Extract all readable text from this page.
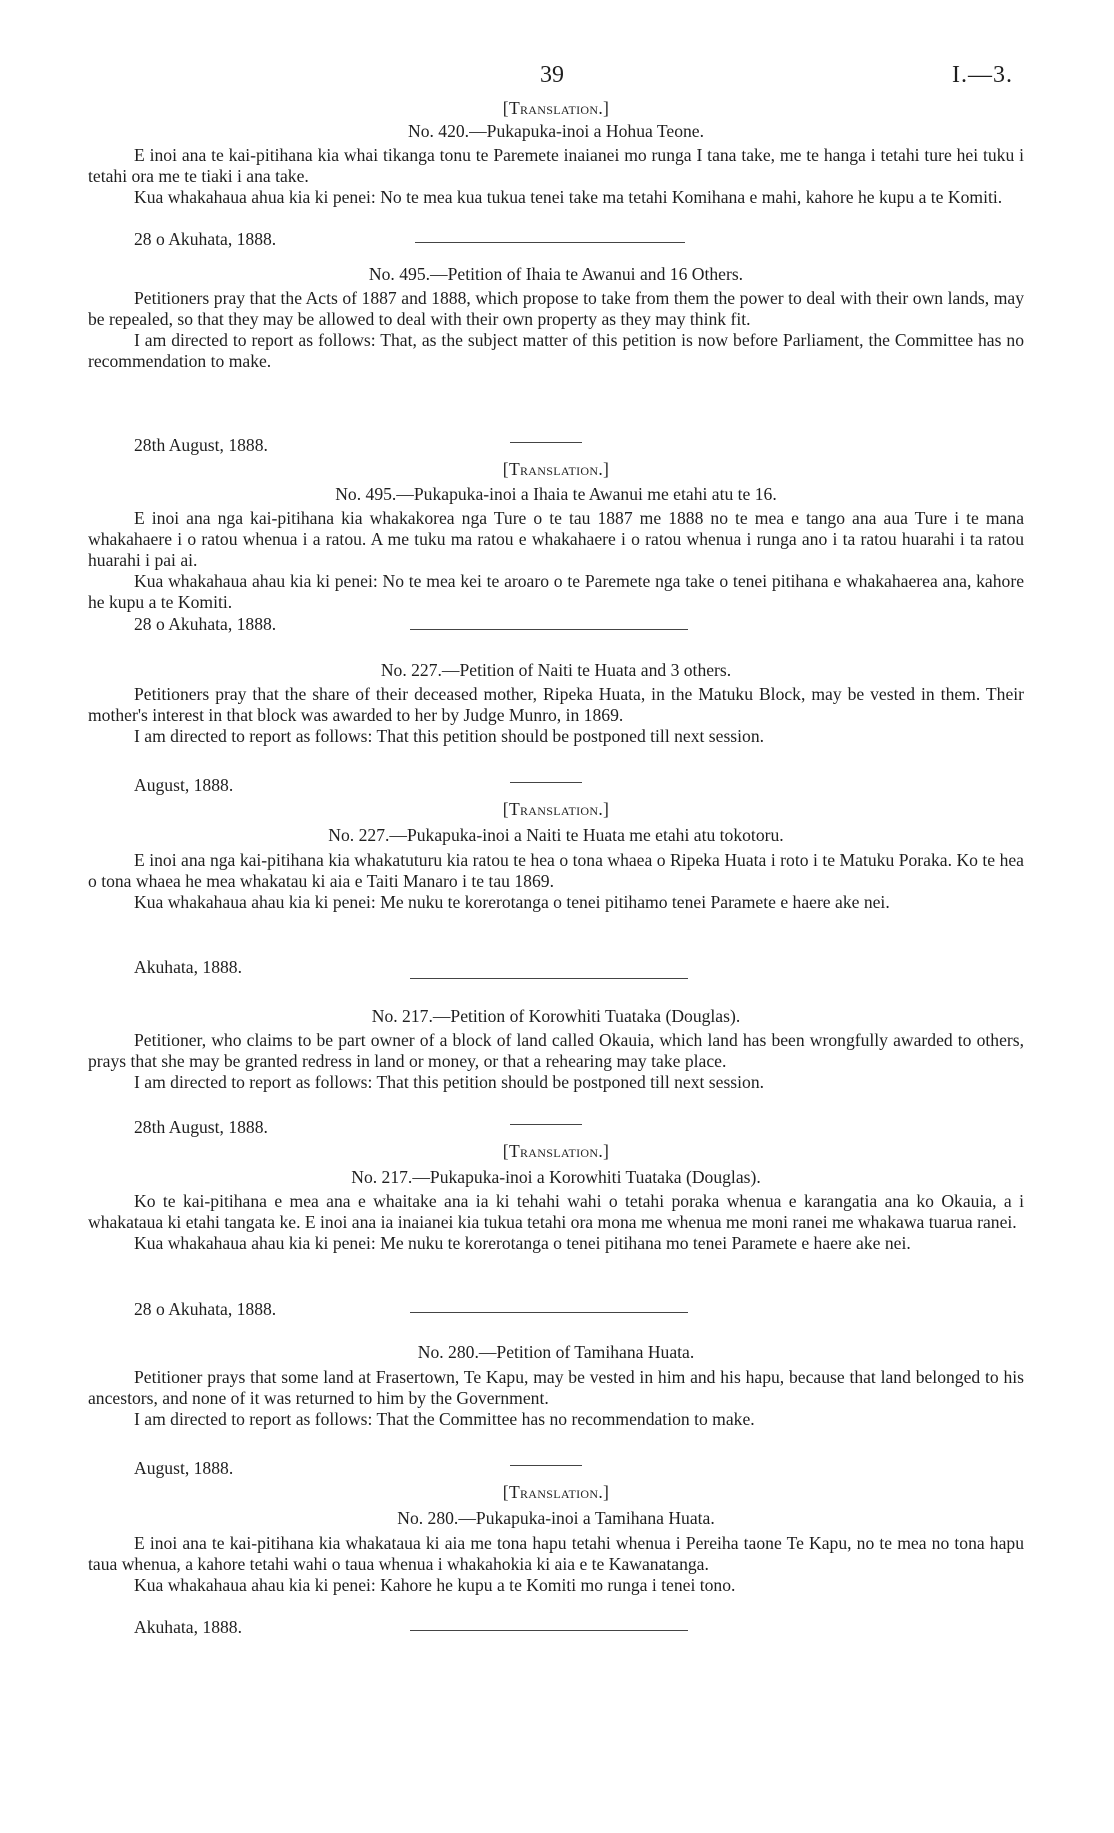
39	I.—3.
[Translation.]
No. 420.—Pukapuka-inoi a Hohua Teone.

E inoi ana te kai-pitihana kia whai tikanga tonu te Paremete inaianei mo runga I tana take, me te hanga i tetahi ture hei tuku i tetahi ora me te tiaki i ana take.

Kua whakahaua ahua kia ki penei: No te mea kua tukua tenei take ma tetahi Komihana e mahi, kahore he kupu a te Komiti.

28 o Akuhata, 1888.
No. 495.—Petition of Ihaia te Awanui and 16 Others.

Petitioners pray that the Acts of 1887 and 1888, which propose to take from them the power to deal with their own lands, may be repealed, so that they may be allowed to deal with their own property as they may think fit.

I am directed to report as follows: That, as the subject matter of this petition is now before Parliament, the Committee has no recommendation to make.

28th August, 1888.
[Translation.]
No. 495.—Pukapuka-inoi a Ihaia te Awanui me etahi atu te 16.

E inoi ana nga kai-pitihana kia whakakorea nga Ture o te tau 1887 me 1888 no te mea e tango ana aua Ture i te mana whakahaere i o ratou whenua i a ratou. A me tuku ma ratou e whakahaere i o ratou whenua i runga ano i ta ratou huarahi i ta ratou huarahi i pai ai.

Kua whakahaua ahau kia ki penei: No te mea kei te aroaro o te Paremete nga take o tenei pitihana e whakahaerea ana, kahore he kupu a te Komiti.

28 o Akuhata, 1888.
No. 227.—Petition of Naiti te Huata and 3 others.

Petitioners pray that the share of their deceased mother, Ripeka Huata, in the Matuku Block, may be vested in them. Their mother's interest in that block was awarded to her by Judge Munro, in 1869.

I am directed to report as follows: That this petition should be postponed till next session.

August, 1888.
[Translation.]
No. 227.—Pukapuka-inoi a Naiti te Huata me etahi atu tokotoru.

E inoi ana nga kai-pitihana kia whakatuturu kia ratou te hea o tona whaea o Ripeka Huata i roto i te Matuku Poraka. Ko te hea o tona whaea he mea whakatau ki aia e Taiti Manaro i te tau 1869.

Kua whakahaua ahau kia ki penei: Me nuku te korerotanga o tenei pitihamo tenei Paramete e haere ake nei.

Akuhata, 1888.
No. 217.—Petition of Korowhiti Tuataka (Douglas).

Petitioner, who claims to be part owner of a block of land called Okauia, which land has been wrongfully awarded to others, prays that she may be granted redress in land or money, or that a rehearing may take place.

I am directed to report as follows: That this petition should be postponed till next session.

28th August, 1888.
[Translation.]
No. 217.—Pukapuka-inoi a Korowhiti Tuataka (Douglas).

Ko te kai-pitihana e mea ana e whaitake ana ia ki tehahi wahi o tetahi poraka whenua e karangatia ana ko Okauia, a i whakataua ki etahi tangata ke. E inoi ana ia inaianei kia tukua tetahi ora mona me whenua me moni ranei me whakawa tuarua ranei.

Kua whakahaua ahau kia ki penei: Me nuku te korerotanga o tenei pitihana mo tenei Paramete e haere ake nei.

28 o Akuhata, 1888.
No. 280.—Petition of Tamihana Huata.

Petitioner prays that some land at Frasertown, Te Kapu, may be vested in him and his hapu, because that land belonged to his ancestors, and none of it was returned to him by the Government.

I am directed to report as follows: That the Committee has no recommendation to make.

August, 1888.
[Translation.]
No. 280.—Pukapuka-inoi a Tamihana Huata.

E inoi ana te kai-pitihana kia whakataua ki aia me tona hapu tetahi whenua i Pereiha taone Te Kapu, no te mea no tona hapu taua whenua, a kahore tetahi wahi o taua whenua i whakahokia ki aia e te Kawanatanga.

Kua whakahaua ahau kia ki penei: Kahore he kupu a te Komiti mo runga i tenei tono.

Akuhata, 1888.
